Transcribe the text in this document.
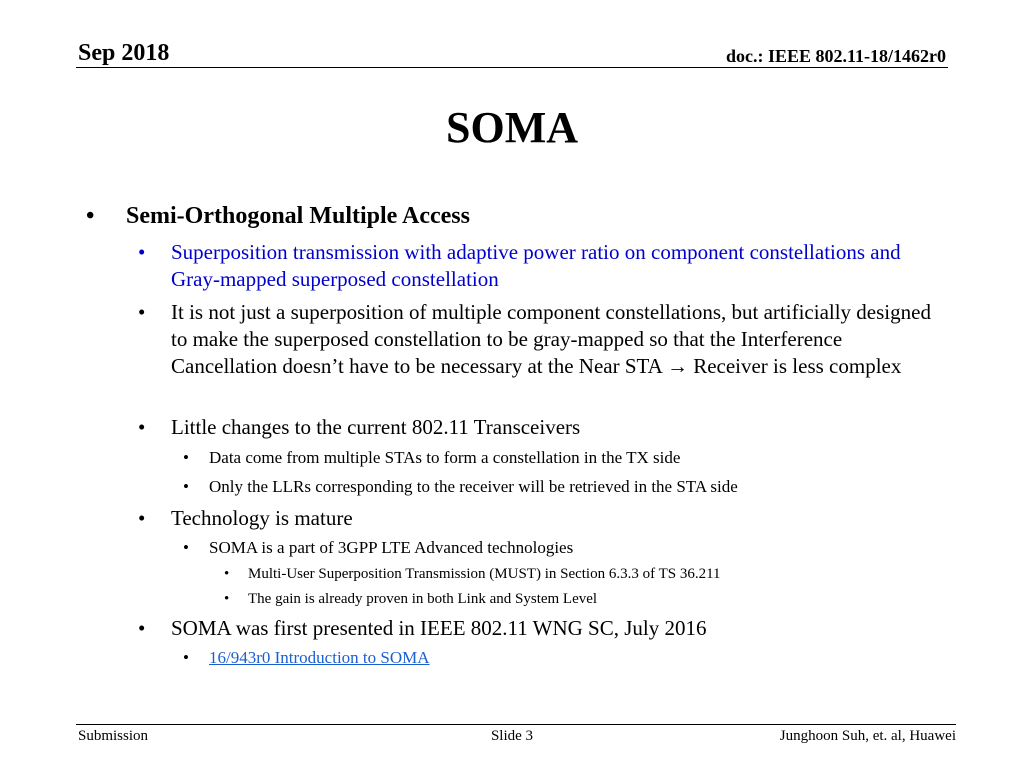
Sep 2018	doc.: IEEE 802.11-18/1462r0
SOMA
• Semi-Orthogonal Multiple Access
• Superposition transmission with adaptive power ratio on component constellations and Gray-mapped superposed constellation
• It is not just a superposition of multiple component constellations, but artificially designed to make the superposed constellation to be gray-mapped so that the Interference Cancellation doesn’t have to be necessary at the Near STA → Receiver is less complex
• Little changes to the current 802.11 Transceivers
• Data come from multiple STAs to form a constellation in the TX side
• Only the LLRs corresponding to the receiver will be retrieved in the STA side
• Technology is mature
• SOMA is a part of 3GPP LTE Advanced technologies
• Multi-User Superposition Transmission (MUST) in Section 6.3.3 of TS 36.211
• The gain is already proven in both Link and System Level
• SOMA was first presented in IEEE 802.11 WNG SC, July 2016
• 16/943r0 Introduction to SOMA
Submission	Slide 3	Junghoon Suh, et. al, Huawei
